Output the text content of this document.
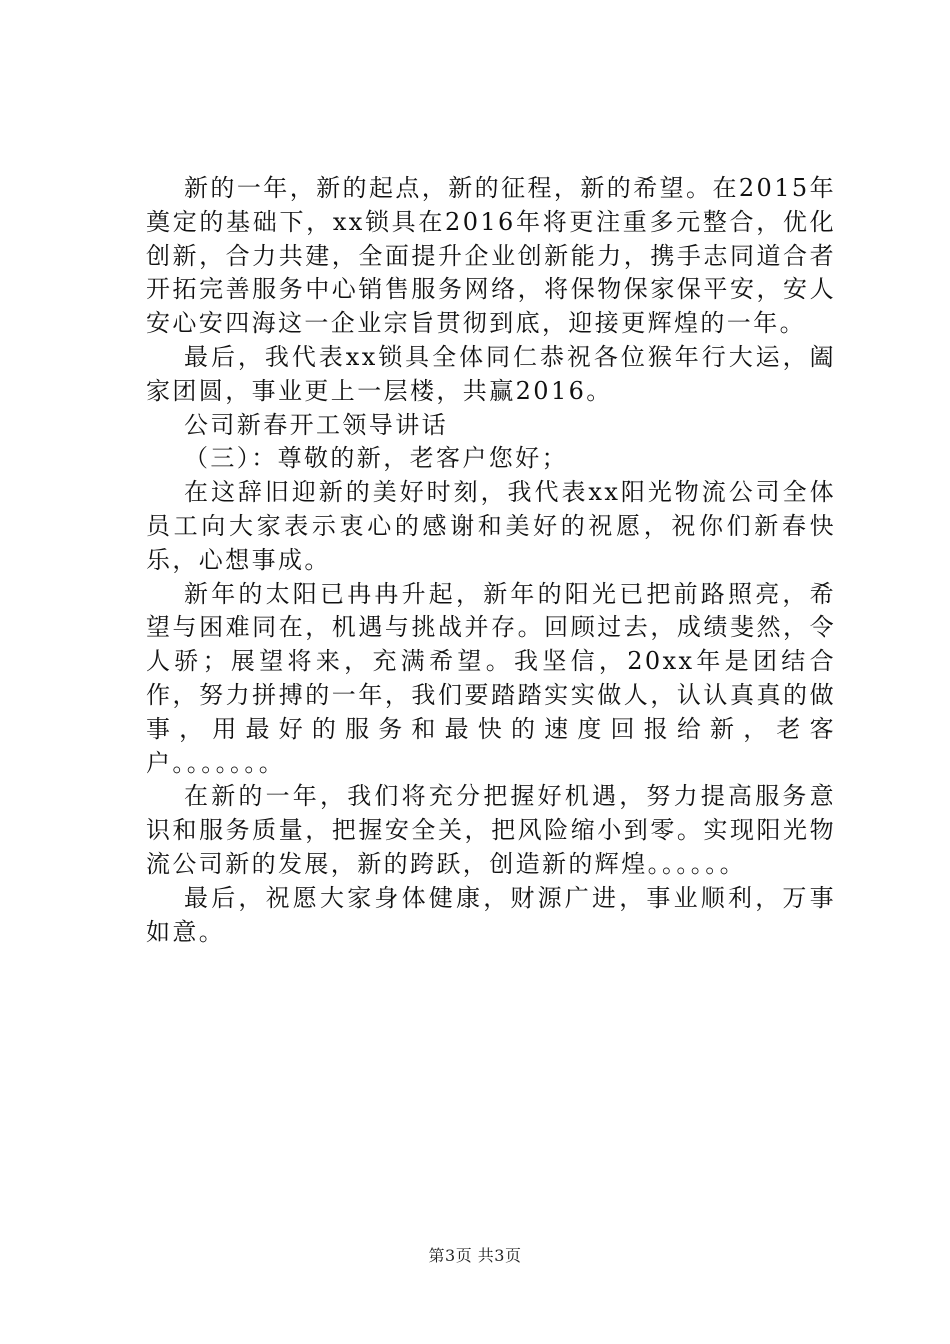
新的一年，新的起点，新的征程，新的希望。在2015年奠定的基础下，xx锁具在2016年将更注重多元整合，优化创新，合力共建，全面提升企业创新能力，携手志同道合者开拓完善服务中心销售服务网络，将保物保家保平安，安人安心安四海这一企业宗旨贯彻到底，迎接更辉煌的一年。

最后，我代表xx锁具全体同仁恭祝各位猴年行大运，阖家团圆，事业更上一层楼，共赢2016。

公司新春开工领导讲话

（三）：尊敬的新，老客户您好；

在这辞旧迎新的美好时刻，我代表xx阳光物流公司全体员工向大家表示衷心的感谢和美好的祝愿，祝你们新春快乐，心想事成。

新年的太阳已冉冉升起，新年的阳光已把前路照亮，希望与困难同在，机遇与挑战并存。回顾过去，成绩斐然，令人骄；展望将来，充满希望。我坚信，20xx年是团结合作，努力拼搏的一年，我们要踏踏实实做人，认认真真的做事，用最好的服务和最快的速度回报给新，老客户。。。。。。。

在新的一年，我们将充分把握好机遇，努力提高服务意识和服务质量，把握安全关，把风险缩小到零。实现阳光物流公司新的发展，新的跨跃，创造新的辉煌。。。。。。

最后，祝愿大家身体健康，财源广进，事业顺利，万事如意。

第3页 共3页
